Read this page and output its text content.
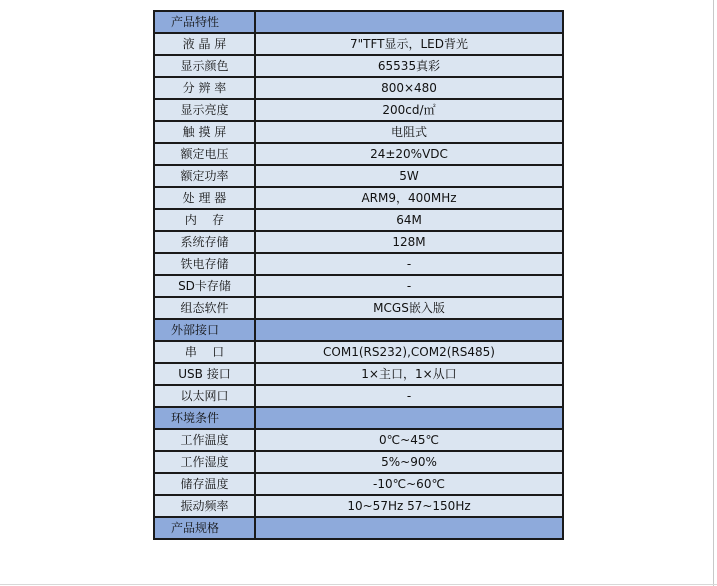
产品特性	
液 晶 屏	7"TFT显示，LED背光
显示颜色	65535真彩
分 辨 率	800×480
显示亮度	200cd/㎡
触 摸 屏	电阻式
额定电压	24±20%VDC
额定功率	5W
处 理 器	ARM9，400MHz
内    存	64M
系统存储	128M
铁电存储	-
SD卡存储	-
组态软件	MCGS嵌入版
外部接口	
串    口	COM1(RS232),COM2(RS485)
USB 接口	1×主口，1×从口
以太网口	-
环境条件	
工作温度	0℃~45℃
工作湿度	5%~90%
储存温度	-10℃~60℃
振动频率	10~57Hz 57~150Hz
产品规格	
